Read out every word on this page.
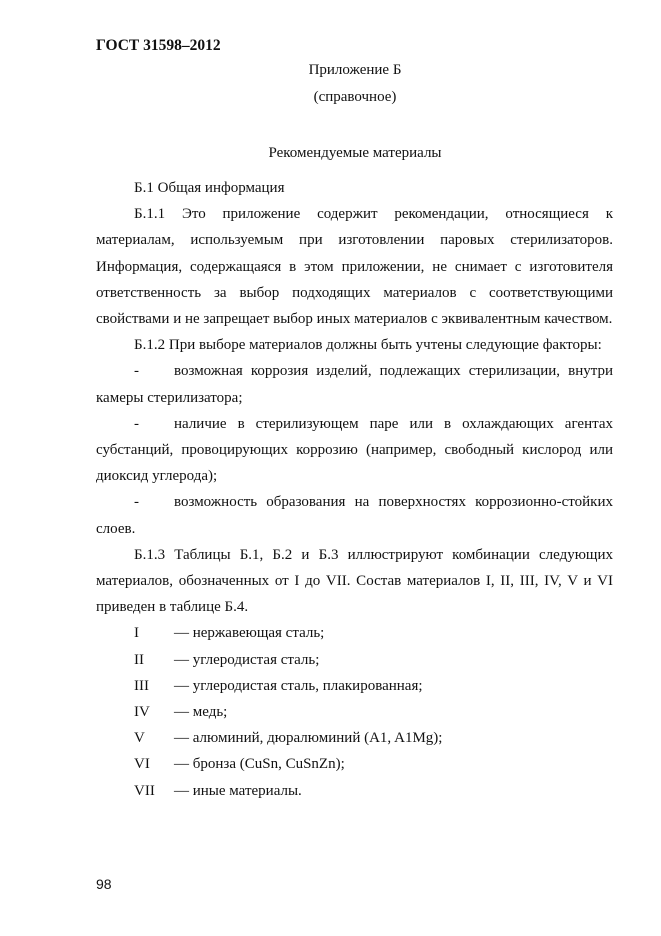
ГОСТ 31598–2012
Приложение Б
(справочное)
Рекомендуемые материалы

Б.1 Общая информация

Б.1.1 Это приложение содержит рекомендации, относящиеся к материалам, используемым при изготовлении паровых стерилизаторов. Информация, содержащаяся в этом приложении, не снимает с изготовителя ответственность за выбор подходящих материалов с соответствующими свойствами и не запрещает выбор иных материалов с эквивалентным качеством.

Б.1.2 При выборе материалов должны быть учтены следующие факторы:

- возможная коррозия изделий, подлежащих стерилизации, внутри камеры стерилизатора;

- наличие в стерилизующем паре или в охлаждающих агентах субстанций, провоцирующих коррозию (например, свободный кислород или диоксид углерода);

- возможность образования на поверхностях коррозионно-стойких слоев.

Б.1.3 Таблицы Б.1, Б.2 и Б.3 иллюстрируют комбинации следующих материалов, обозначенных от I до VII. Состав материалов I, II, III, IV, V и VI приведен в таблице Б.4.

I	— нержавеющая сталь;
II	— углеродистая сталь;
III	— углеродистая сталь, плакированная;
IV	— медь;
V	— алюминий, дюралюминий (A1, A1Mg);
VI	— бронза (CuSn, CuSnZn);
VII	— иные материалы.
98
